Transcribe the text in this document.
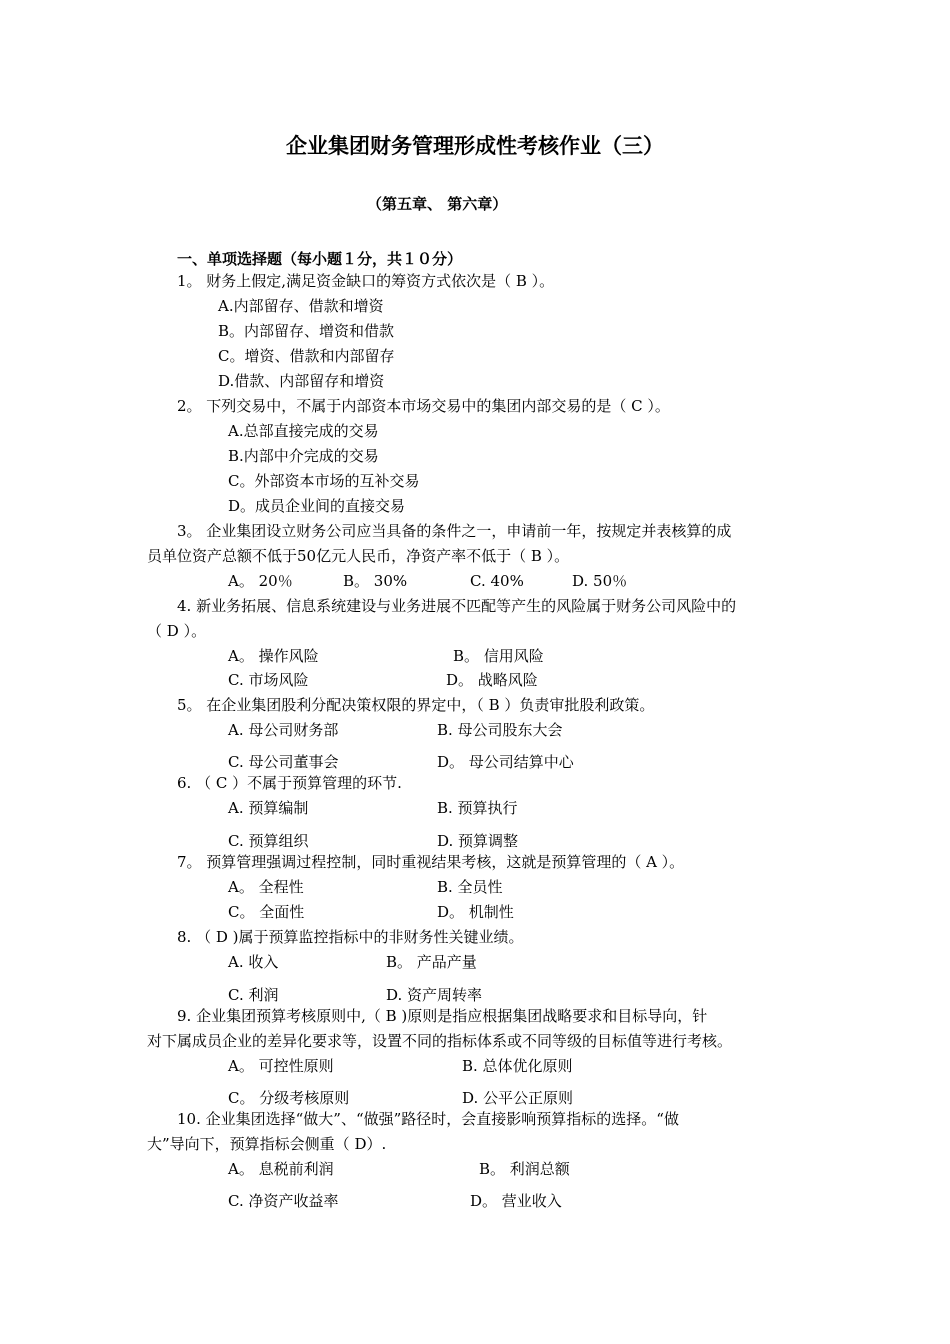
企业集团财务管理形成性考核作业（三）
（第五章、 第六章）
一、单项选择题（每小题１分，共１０分）
1。 财务上假定,满足资金缺口的筹资方式依次是（ B ）。
A.内部留存、借款和增资
B。内部留存、增资和借款
C。增资、借款和内部留存
D.借款、内部留存和增资
2。 下列交易中，不属于内部资本市场交易中的集团内部交易的是（ C ）。
A.总部直接完成的交易
B.内部中介完成的交易
C。外部资本市场的互补交易
D。成员企业间的直接交易
3。 企业集团设立财务公司应当具备的条件之一，申请前一年，按规定并表核算的成
员单位资产总额不低于50亿元人民币，净资产率不低于（ B ）。
A。 20％	B。 30%	C. 40%	D. 50％
4. 新业务拓展、信息系统建设与业务进展不匹配等产生的风险属于财务公司风险中的
（ D ）。
A。 操作风险	B。 信用风险
C. 市场风险	D。 战略风险
5。 在企业集团股利分配决策权限的界定中，（ B ）负责审批股利政策。
A. 母公司财务部	B. 母公司股东大会
C. 母公司董事会	D。 母公司结算中心
6. （ C ）不属于预算管理的环节.
A. 预算编制	B. 预算执行
C. 预算组织	D. 预算调整
7。 预算管理强调过程控制，同时重视结果考核，这就是预算管理的（ A ）。
A。 全程性	B. 全员性
C。 全面性	D。 机制性
8. （ D )属于预算监控指标中的非财务性关键业绩。
A. 收入	B。 产品产量
C. 利润	D. 资产周转率
9. 企业集团预算考核原则中,（ B )原则是指应根据集团战略要求和目标导向，针
对下属成员企业的差异化要求等，设置不同的指标体系或不同等级的目标值等进行考核。
A。 可控性原则	B. 总体优化原则
C。 分级考核原则	D. 公平公正原则
10. 企业集团选择“做大”、“做强”路径时，会直接影响预算指标的选择。“做
大”导向下，预算指标会侧重（ D）.
A。 息税前利润	B。 利润总额
C. 净资产收益率	D。 营业收入
